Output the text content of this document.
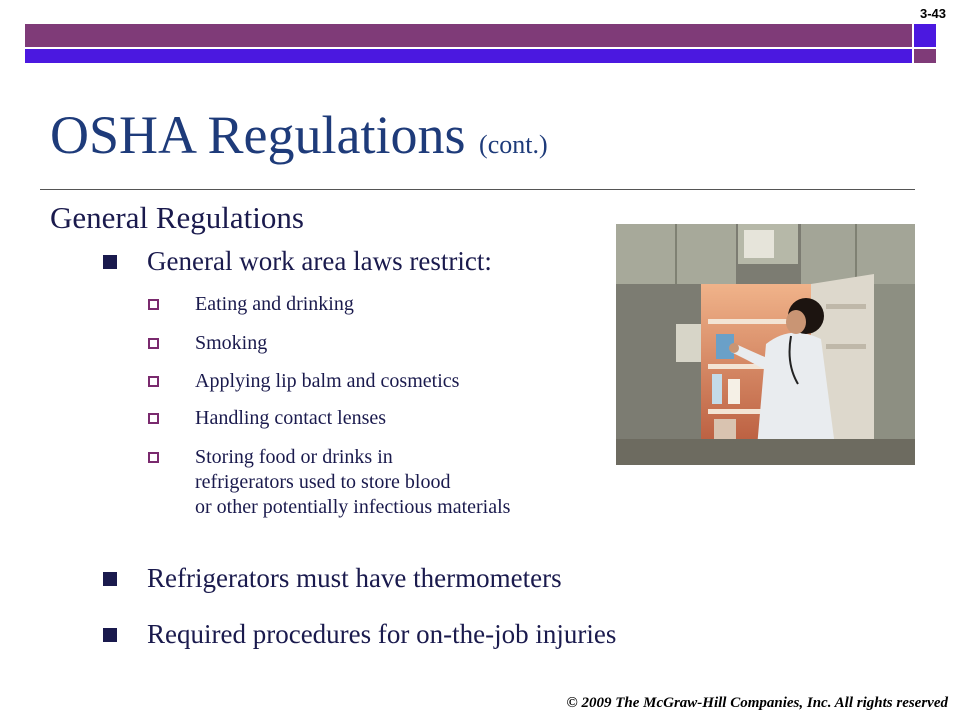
3-43
OSHA Regulations (cont.)
General Regulations
General work area laws restrict:
Eating and drinking
Smoking
Applying lip balm and cosmetics
Handling contact lenses
Storing food or drinks in
refrigerators used to store blood
or other potentially infectious materials
Refrigerators must have thermometers
Required procedures for on-the-job injuries
© 2009 The McGraw-Hill Companies, Inc. All rights reserved
